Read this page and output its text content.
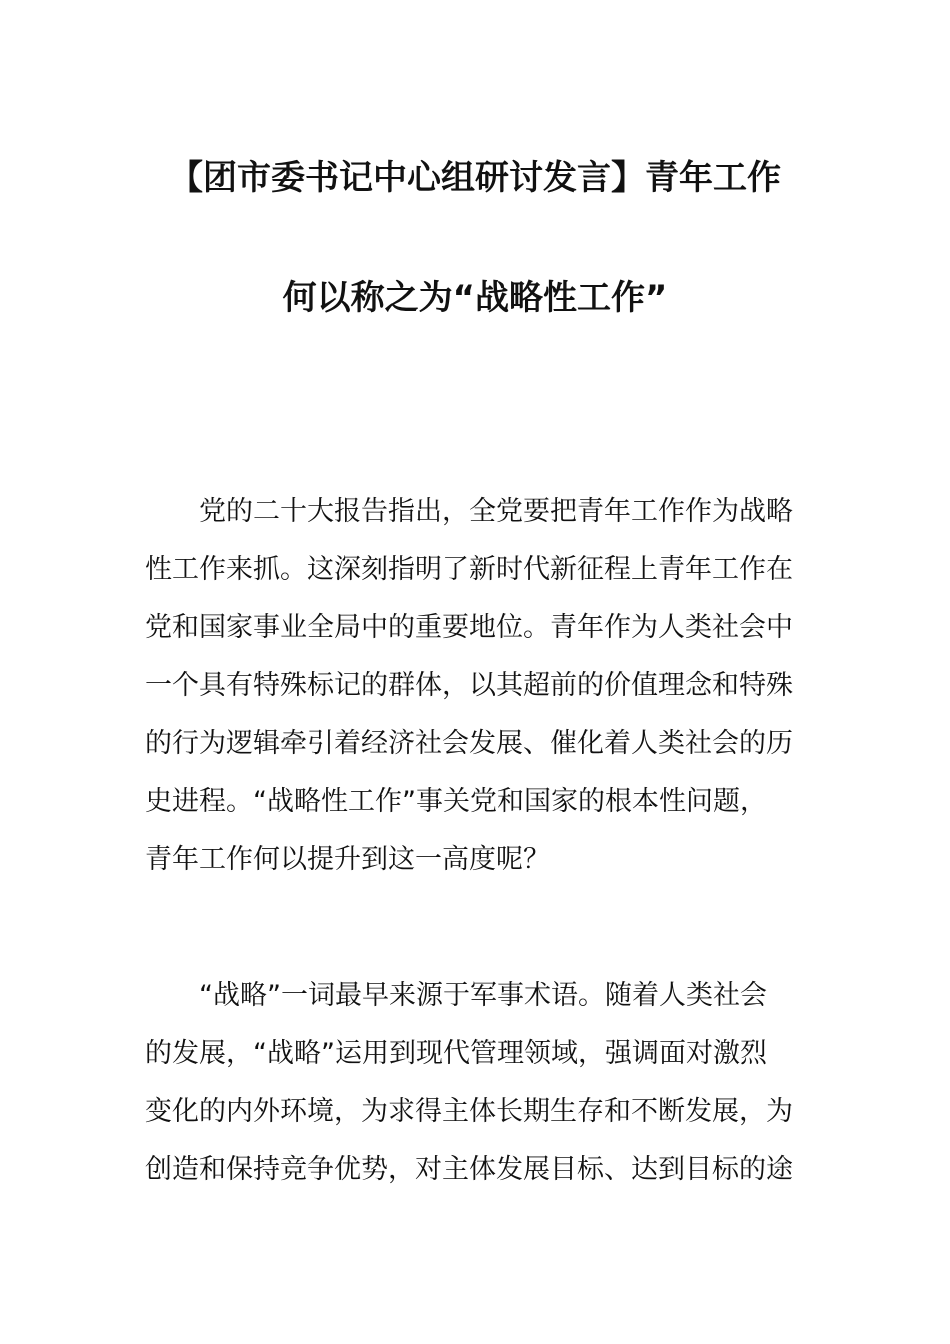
【团市委书记中心组研讨发言】青年工作
何以称之为“战略性工作”
党的二十大报告指出，全党要把青年工作作为战略
性工作来抓。这深刻指明了新时代新征程上青年工作在
党和国家事业全局中的重要地位。青年作为人类社会中
一个具有特殊标记的群体，以其超前的价值理念和特殊
的行为逻辑牵引着经济社会发展、催化着人类社会的历
史进程。“战略性工作”事关党和国家的根本性问题，
青年工作何以提升到这一高度呢？
“战略”一词最早来源于军事术语。随着人类社会
的发展，“战略”运用到现代管理领域，强调面对激烈
变化的内外环境，为求得主体长期生存和不断发展，为
创造和保持竞争优势，对主体发展目标、达到目标的途
